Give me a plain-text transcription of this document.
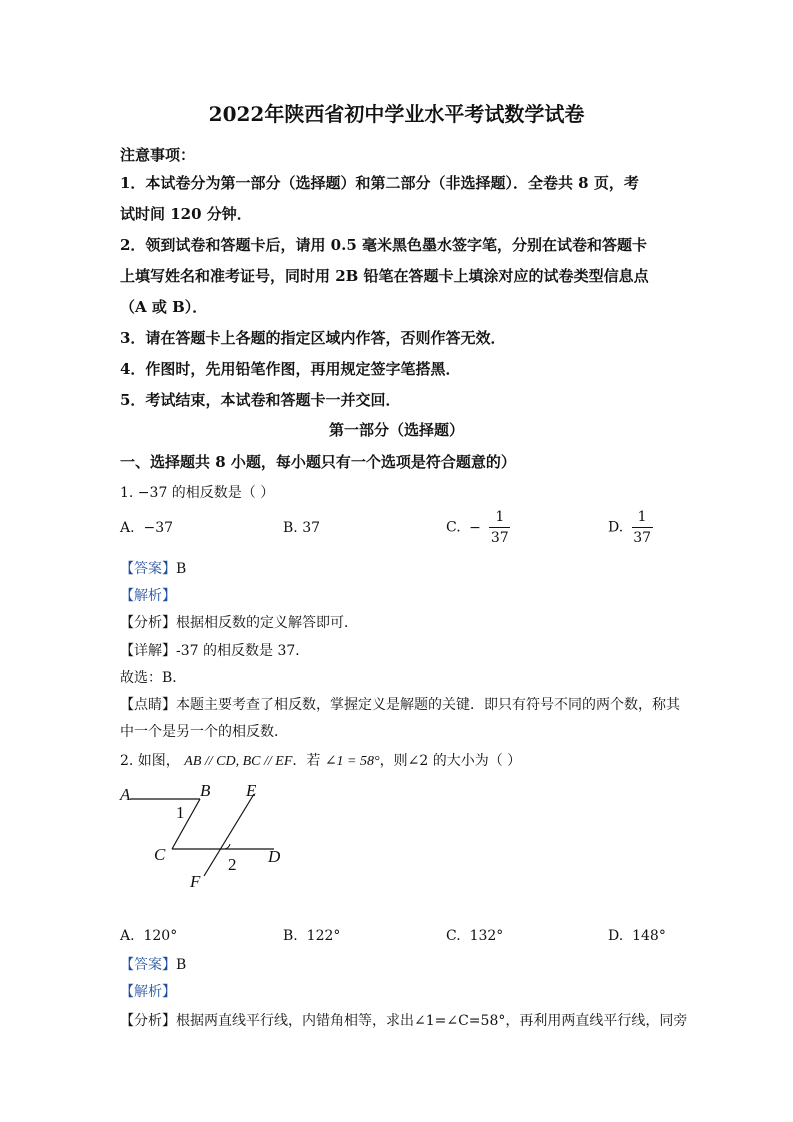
2022年陕西省初中学业水平考试数学试卷
注意事项：
1．本试卷分为第一部分（选择题）和第二部分（非选择题）．全卷共 8 页，考
试时间 120 分钟．
2．领到试卷和答题卡后，请用 0.5 毫米黑色墨水签字笔，分别在试卷和答题卡
上填写姓名和准考证号，同时用 2B 铅笔在答题卡上填涂对应的试卷类型信息点
（A 或 B）．
3．请在答题卡上各题的指定区域内作答，否则作答无效．
4．作图时，先用铅笔作图，再用规定签字笔搭黑．
5．考试结束，本试卷和答题卡一并交回．
第一部分（选择题）
一、选择题共 8 小题，每小题只有一个选项是符合题意的）
1. −37 的相反数是（ ）
A. −37	B. 37	C. − $\frac{1}{37}$	D. $\frac{1}{37}$
【答案】B
【解析】
【分析】根据相反数的定义解答即可．
【详解】-37 的相反数是 37．
故选：B．
【点睛】本题主要考查了相反数，掌握定义是解题的关键．即只有符号不同的两个数，称其
中一个是另一个的相反数．
2. 如图， AB // CD, BC // EF．若 ∠1 = 58°，则∠2 的大小为（ ）
A	B E
1
C
2 D
F
A. 120°	B. 122°	C. 132°	D. 148°
【答案】B
【解析】
【分析】根据两直线平行线，内错角相等，求出∠1=∠C=58°，再利用两直线平行线，同旁
